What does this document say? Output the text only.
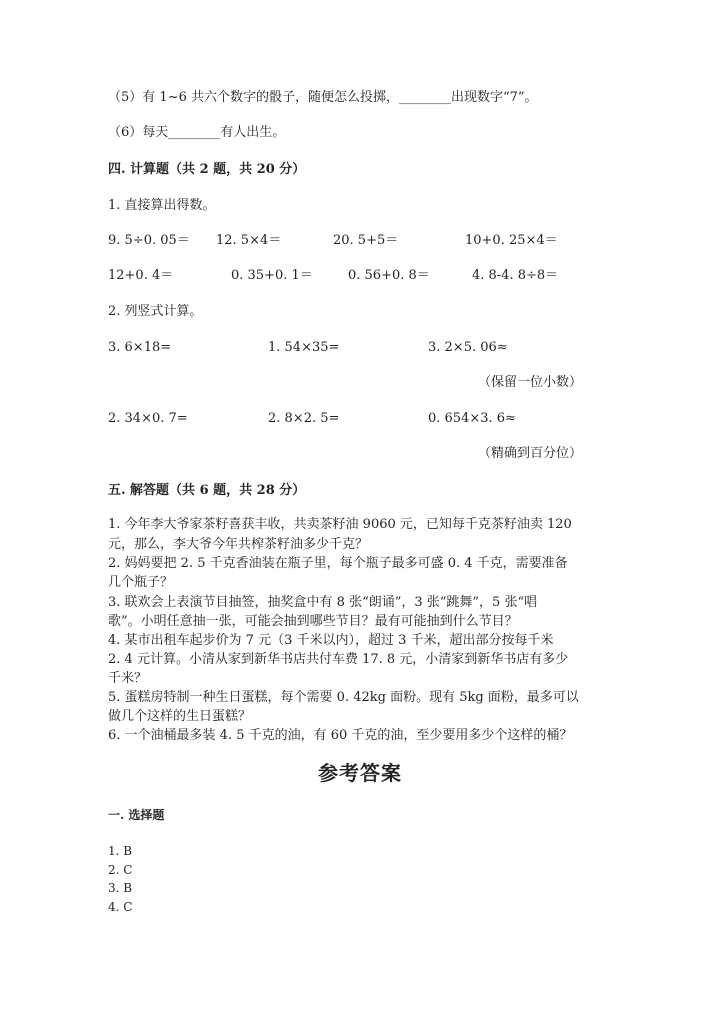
（5）有 1~6 共六个数字的骰子，随便怎么投掷，________出现数字“7”。
（6）每天________有人出生。
四. 计算题（共 2 题，共 20 分）
1. 直接算出得数。
9. 5÷0. 05＝ 12. 5×4＝	20. 5+5＝	10+0. 25×4＝
12+0. 4＝	0. 35+0. 1＝	0. 56+0. 8＝	4. 8-4. 8÷8＝
2. 列竖式计算。
3. 6×18=	1. 54×35=	3. 2×5. 06≈
（保留一位小数）
2. 34×0. 7=	2. 8×2. 5=	0. 654×3. 6≈
（精确到百分位）
五. 解答题（共 6 题，共 28 分）
1. 今年李大爷家茶籽喜获丰收，共卖茶籽油 9060 元，已知每千克茶籽油卖 120
元，那么，李大爷今年共榨茶籽油多少千克？
2. 妈妈要把 2. 5 千克香油装在瓶子里，每个瓶子最多可盛 0. 4 千克，需要准备
几个瓶子？
3. 联欢会上表演节目抽签，抽奖盒中有 8 张“朗诵”，3 张“跳舞”，5 张“唱
歌”。小明任意抽一张，可能会抽到哪些节目？最有可能抽到什么节目？
4. 某市出租车起步价为 7 元（3 千米以内），超过 3 千米，超出部分按每千米
2. 4 元计算。小清从家到新华书店共付车费 17. 8 元，小清家到新华书店有多少
千米？
5. 蛋糕房特制一种生日蛋糕，每个需要 0. 42kg 面粉。现有 5kg 面粉，最多可以
做几个这样的生日蛋糕？
6. 一个油桶最多装 4. 5 千克的油，有 60 千克的油，至少要用多少个这样的桶？
参考答案
一. 选择题
1. B
2. C
3. B
4. C
